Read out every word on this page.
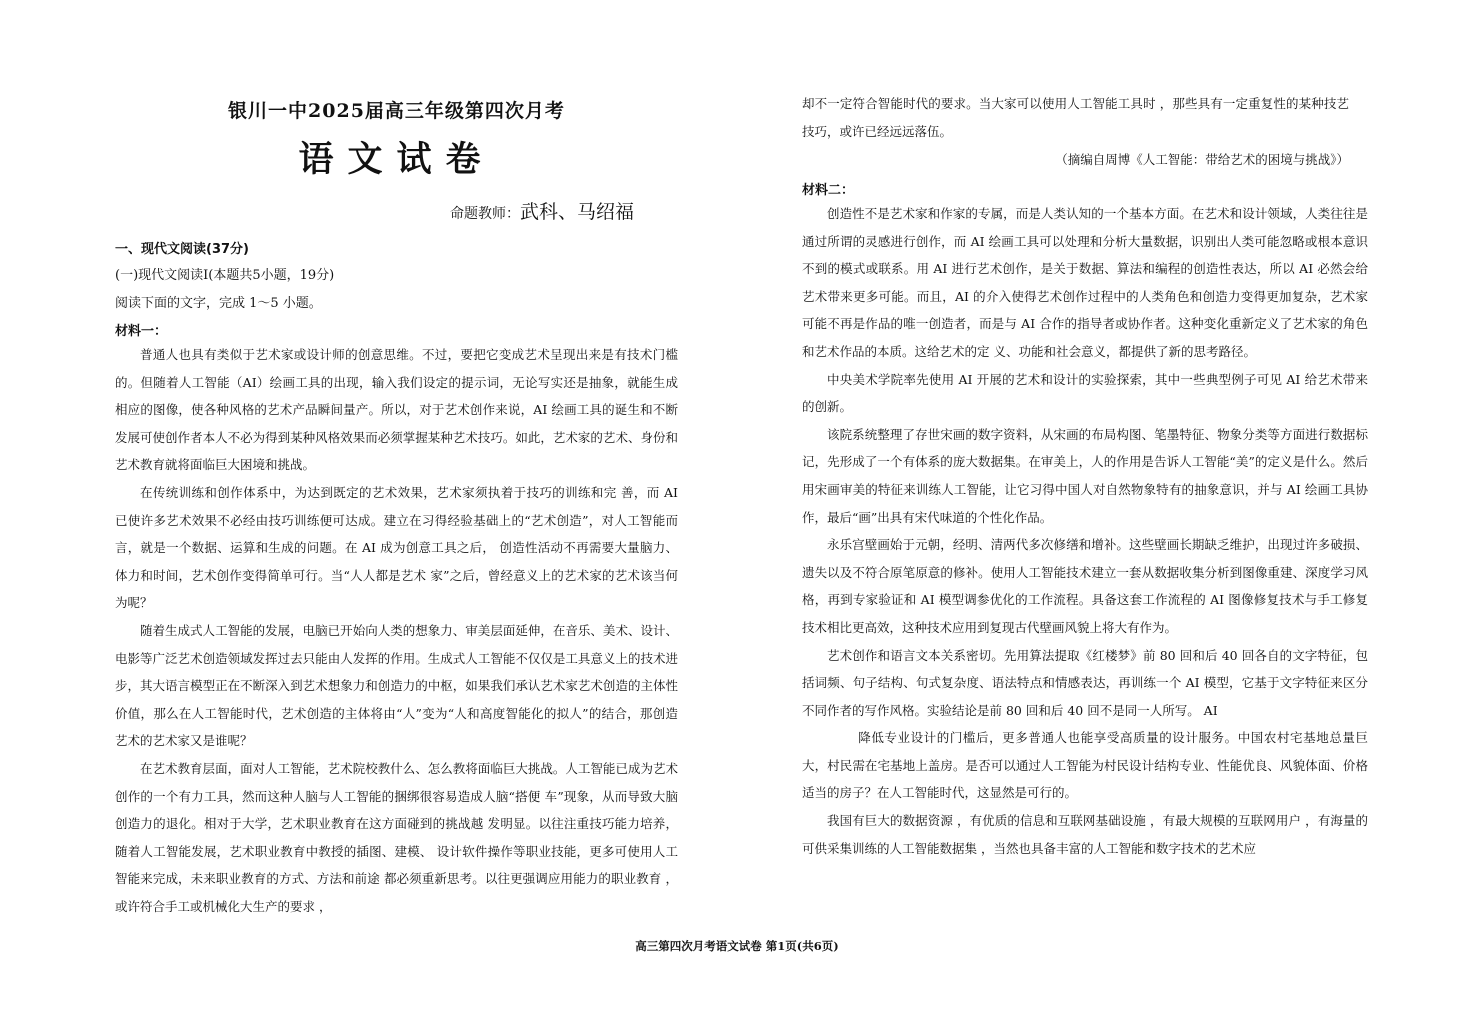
银川一中2025届高三年级第四次月考
语文试卷
命题教师：武科、马绍福

一、现代文阅读(37分)

(一)现代文阅读Ⅰ(本题共5小题，19分)

阅读下面的文字，完成 1～5 小题。

材料一：

普通人也具有类似于艺术家或设计师的创意思维。不过，要把它变成艺术呈现出来是有技术门槛的。但随着人工智能（AI）绘画工具的出现，输入我们设定的提示词，无论写实还是抽象，就能生成相应的图像，使各种风格的艺术产品瞬间量产。所以，对于艺术创作来说，AI 绘画工具的诞生和不断发展可使创作者本人不必为得到某种风格效果而必须掌握某种艺术技巧。如此，艺术家的艺术、身份和艺术教育就将面临巨大困境和挑战。

在传统训练和创作体系中，为达到既定的艺术效果，艺术家须执着于技巧的训练和完 善，而 AI 已使许多艺术效果不必经由技巧训练便可达成。建立在习得经验基础上的“艺术创造”，对人工智能而言，就是一个数据、运算和生成的问题。在 AI 成为创意工具之后， 创造性活动不再需要大量脑力、体力和时间，艺术创作变得简单可行。当“人人都是艺术 家”之后，曾经意义上的艺术家的艺术该当何为呢？

随着生成式人工智能的发展，电脑已开始向人类的想象力、审美层面延伸，在音乐、美术、设计、电影等广泛艺术创造领域发挥过去只能由人发挥的作用。生成式人工智能不仅仅是工具意义上的技术进步，其大语言模型正在不断深入到艺术想象力和创造力的中枢，如果我们承认艺术家艺术创造的主体性价值，那么在人工智能时代，艺术创造的主体将由“人”变为“人和高度智能化的拟人”的结合，那创造艺术的艺术家又是谁呢？

在艺术教育层面，面对人工智能，艺术院校教什么、怎么教将面临巨大挑战。人工智能已成为艺术创作的一个有力工具，然而这种人脑与人工智能的捆绑很容易造成人脑“搭便 车”现象，从而导致大脑创造力的退化。相对于大学，艺术职业教育在这方面碰到的挑战越 发明显。以往注重技巧能力培养，随着人工智能发展，艺术职业教育中教授的插图、建模、 设计软件操作等职业技能，更多可使用人工智能来完成，未来职业教育的方式、方法和前途 都必须重新思考。以往更强调应用能力的职业教育 ，或许符合手工或机械化大生产的要求 ，

却不一定符合智能时代的要求。当大家可以使用人工智能工具时 ，那些具有一定重复性的某种技艺技巧，或许已经远远落伍。

（摘编自周博《人工智能：带给艺术的困境与挑战》）

材料二：

创造性不是艺术家和作家的专属，而是人类认知的一个基本方面。在艺术和设计领域，人类往往是通过所谓的灵感进行创作，而 AI 绘画工具可以处理和分析大量数据，识别出人类可能忽略或根本意识不到的模式或联系。用 AI 进行艺术创作，是关于数据、算法和编程的创造性表达，所以 AI 必然会给艺术带来更多可能。而且，AI 的介入使得艺术创作过程中的人类角色和创造力变得更加复杂，艺术家可能不再是作品的唯一创造者，而是与 AI 合作的指导者或协作者。这种变化重新定义了艺术家的角色和艺术作品的本质。这给艺术的定 义、功能和社会意义，都提供了新的思考路径。

中央美术学院率先使用 AI 开展的艺术和设计的实验探索，其中一些典型例子可见 AI 给艺术带来的创新。

该院系统整理了存世宋画的数字资料，从宋画的布局构图、笔墨特征、物象分类等方面进行数据标记，先形成了一个有体系的庞大数据集。在审美上，人的作用是告诉人工智能“美”的定义是什么。然后用宋画审美的特征来训练人工智能，让它习得中国人对自然物象特有的抽象意识，并与 AI 绘画工具协作，最后“画”出具有宋代味道的个性化作品。

永乐宫壁画始于元朝，经明、清两代多次修缮和增补。这些壁画长期缺乏维护，出现过许多破损、遗失以及不符合原笔原意的修补。使用人工智能技术建立一套从数据收集分析到图像重建、深度学习风格，再到专家验证和 AI 模型调参优化的工作流程。具备这套工作流程的 AI 图像修复技术与手工修复技术相比更高效，这种技术应用到复现古代壁画风貌上将大有作为。

艺术创作和语言文本关系密切。先用算法提取《红楼梦》前 80 回和后 40 回各自的文字特征，包括词频、句子结构、句式复杂度、语法特点和情感表达，再训练一个 AI 模型，它基于文字特征来区分不同作者的写作风格。实验结论是前 80 回和后 40 回不是同一人所写。 AI

降低专业设计的门槛后，更多普通人也能享受高质量的设计服务。中国农村宅基地总量巨大，村民需在宅基地上盖房。是否可以通过人工智能为村民设计结构专业、性能优良、风貌体面、价格适当的房子？在人工智能时代，这显然是可行的。

我国有巨大的数据资源 ，有优质的信息和互联网基础设施 ，有最大规模的互联网用户 ，有海量的可供采集训练的人工智能数据集 ，当然也具备丰富的人工智能和数字技术的艺术应

高三第四次月考语文试卷 第1页(共6页)
